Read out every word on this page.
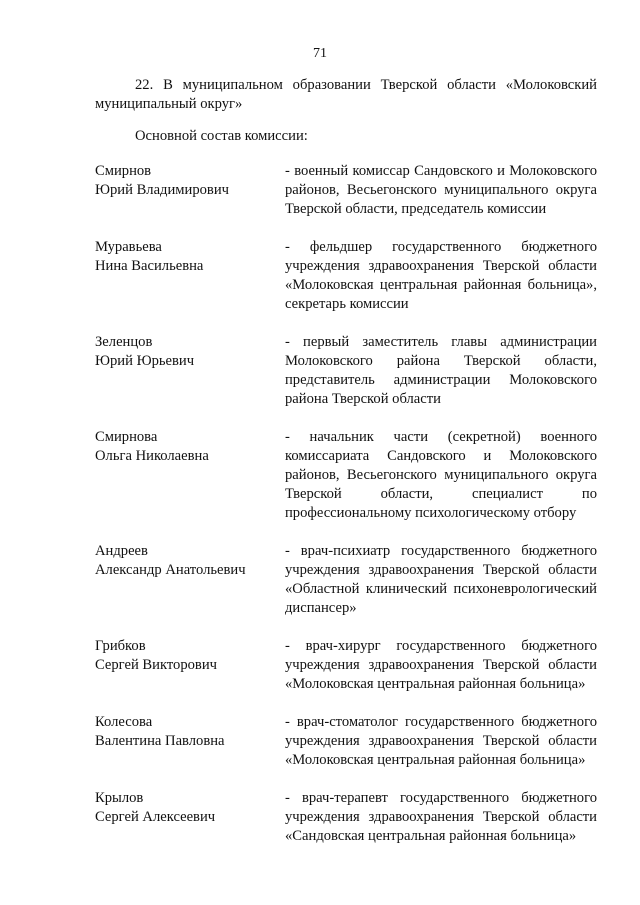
71
22. В муниципальном образовании Тверской области «Молоковский муниципальный округ»
Основной состав комиссии:
Смирнов
Юрий Владимирович
- военный комиссар Сандовского и Молоковского районов, Весьегонского муниципального округа Тверской области, председатель комиссии
Муравьева
Нина Васильевна
- фельдшер государственного бюджетного учреждения здравоохранения Тверской области «Молоковская центральная районная больница», секретарь комиссии
Зеленцов
Юрий Юрьевич
- первый заместитель главы администрации Молоковского района Тверской области, представитель администрации Молоковского района Тверской области
Смирнова
Ольга Николаевна
- начальник части (секретной) военного комиссариата Сандовского и Молоковского районов, Весьегонского муниципального округа Тверской области, специалист по профессиональному психологическому отбору
Андреев
Александр Анатольевич
- врач-психиатр государственного бюджетного учреждения здравоохранения Тверской области «Областной клинический психоневрологический диспансер»
Грибков
Сергей Викторович
- врач-хирург государственного бюджетного учреждения здравоохранения Тверской области «Молоковская центральная районная больница»
Колесова
Валентина Павловна
- врач-стоматолог государственного бюджетного учреждения здравоохранения Тверской области «Молоковская центральная районная больница»
Крылов
Сергей Алексеевич
- врач-терапевт государственного бюджетного учреждения здравоохранения Тверской области «Сандовская центральная районная больница»
